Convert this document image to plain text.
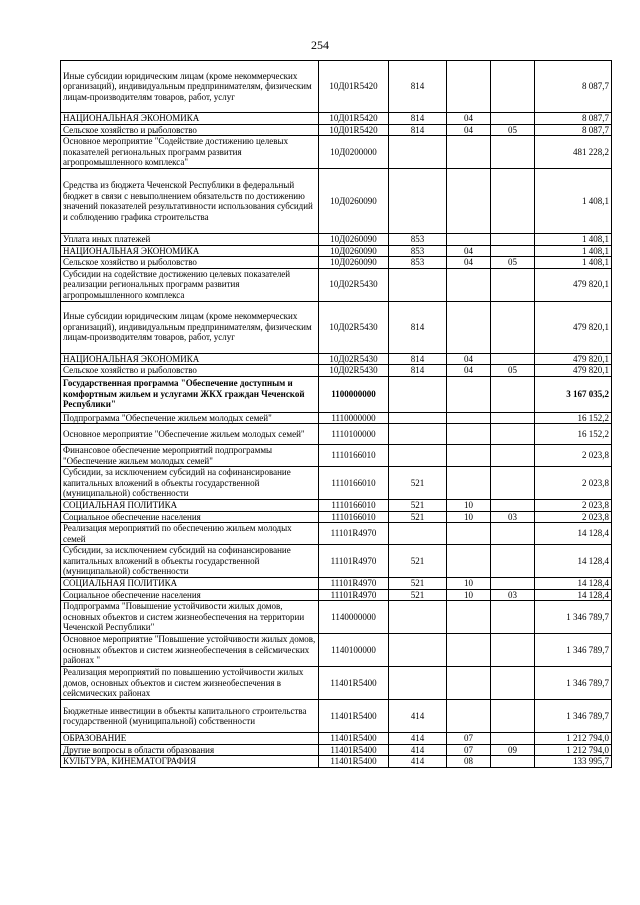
254
Иные субсидии юридическим лицам (кроме некоммерческих организаций), индивидуальным предпринимателям, физическим лицам-производителям товаров, работ, услуг	10Д01R5420	814			8 087,7
НАЦИОНАЛЬНАЯ ЭКОНОМИКА	10Д01R5420	814	04		8 087,7
Сельское хозяйство и рыболовство	10Д01R5420	814	04	05	8 087,7
Основное мероприятие "Содействие достижению целевых показателей региональных программ развития агропромышленного комплекса"	10Д0200000				481 228,2
Средства из бюджета Чеченской Республики в федеральный бюджет в связи с невыполнением обязательств по достижению значений показателей результативности использования субсидий и соблюдению графика строительства	10Д0260090				1 408,1
Уплата иных платежей	10Д0260090	853			1 408,1
НАЦИОНАЛЬНАЯ ЭКОНОМИКА	10Д0260090	853	04		1 408,1
Сельское хозяйство и рыболовство	10Д0260090	853	04	05	1 408,1
Субсидии на содействие достижению целевых показателей реализации региональных программ развития агропромышленного комплекса	10Д02R5430				479 820,1
Иные субсидии юридическим лицам (кроме некоммерческих организаций), индивидуальным предпринимателям, физическим лицам-производителям товаров, работ, услуг	10Д02R5430	814			479 820,1
НАЦИОНАЛЬНАЯ ЭКОНОМИКА	10Д02R5430	814	04		479 820,1
Сельское хозяйство и рыболовство	10Д02R5430	814	04	05	479 820,1
Государственная программа "Обеспечение доступным и комфортным жильем и услугами ЖКХ граждан Чеченской Республики"	1100000000				3 167 035,2
Подпрограмма "Обеспечение жильем молодых семей"	1110000000				16 152,2
Основное мероприятие "Обеспечение жильем молодых семей"	1110100000				16 152,2
Финансовое обеспечение мероприятий подпрограммы "Обеспечение жильем молодых семей"	1110166010				2 023,8
Субсидии, за исключением субсидий на софинансирование капитальных вложений в объекты государственной (муниципальной) собственности	1110166010	521			2 023,8
СОЦИАЛЬНАЯ ПОЛИТИКА	1110166010	521	10		2 023,8
Социальное обеспечение населения	1110166010	521	10	03	2 023,8
Реализация мероприятий по обеспечению жильем молодых семей	11101R4970				14 128,4
Субсидии, за исключением субсидий на софинансирование капитальных вложений в объекты государственной (муниципальной) собственности	11101R4970	521			14 128,4
СОЦИАЛЬНАЯ ПОЛИТИКА	11101R4970	521	10		14 128,4
Социальное обеспечение населения	11101R4970	521	10	03	14 128,4
Подпрограмма "Повышение устойчивости жилых домов, основных объектов и систем жизнеобеспечения на территории Чеченской Республики"	1140000000				1 346 789,7
Основное мероприятие "Повышение устойчивости жилых домов, основных объектов и систем жизнеобеспечения в сейсмических районах "	1140100000				1 346 789,7
Реализация мероприятий по повышению устойчивости жилых домов, основных объектов и систем жизнеобеспечения в сейсмических районах	11401R5400				1 346 789,7
Бюджетные инвестиции в объекты капитального строительства государственной (муниципальной) собственности	11401R5400	414			1 346 789,7
ОБРАЗОВАНИЕ	11401R5400	414	07		1 212 794,0
Другие вопросы в области образования	11401R5400	414	07	09	1 212 794,0
КУЛЬТУРА, КИНЕМАТОГРАФИЯ	11401R5400	414	08		133 995,7
